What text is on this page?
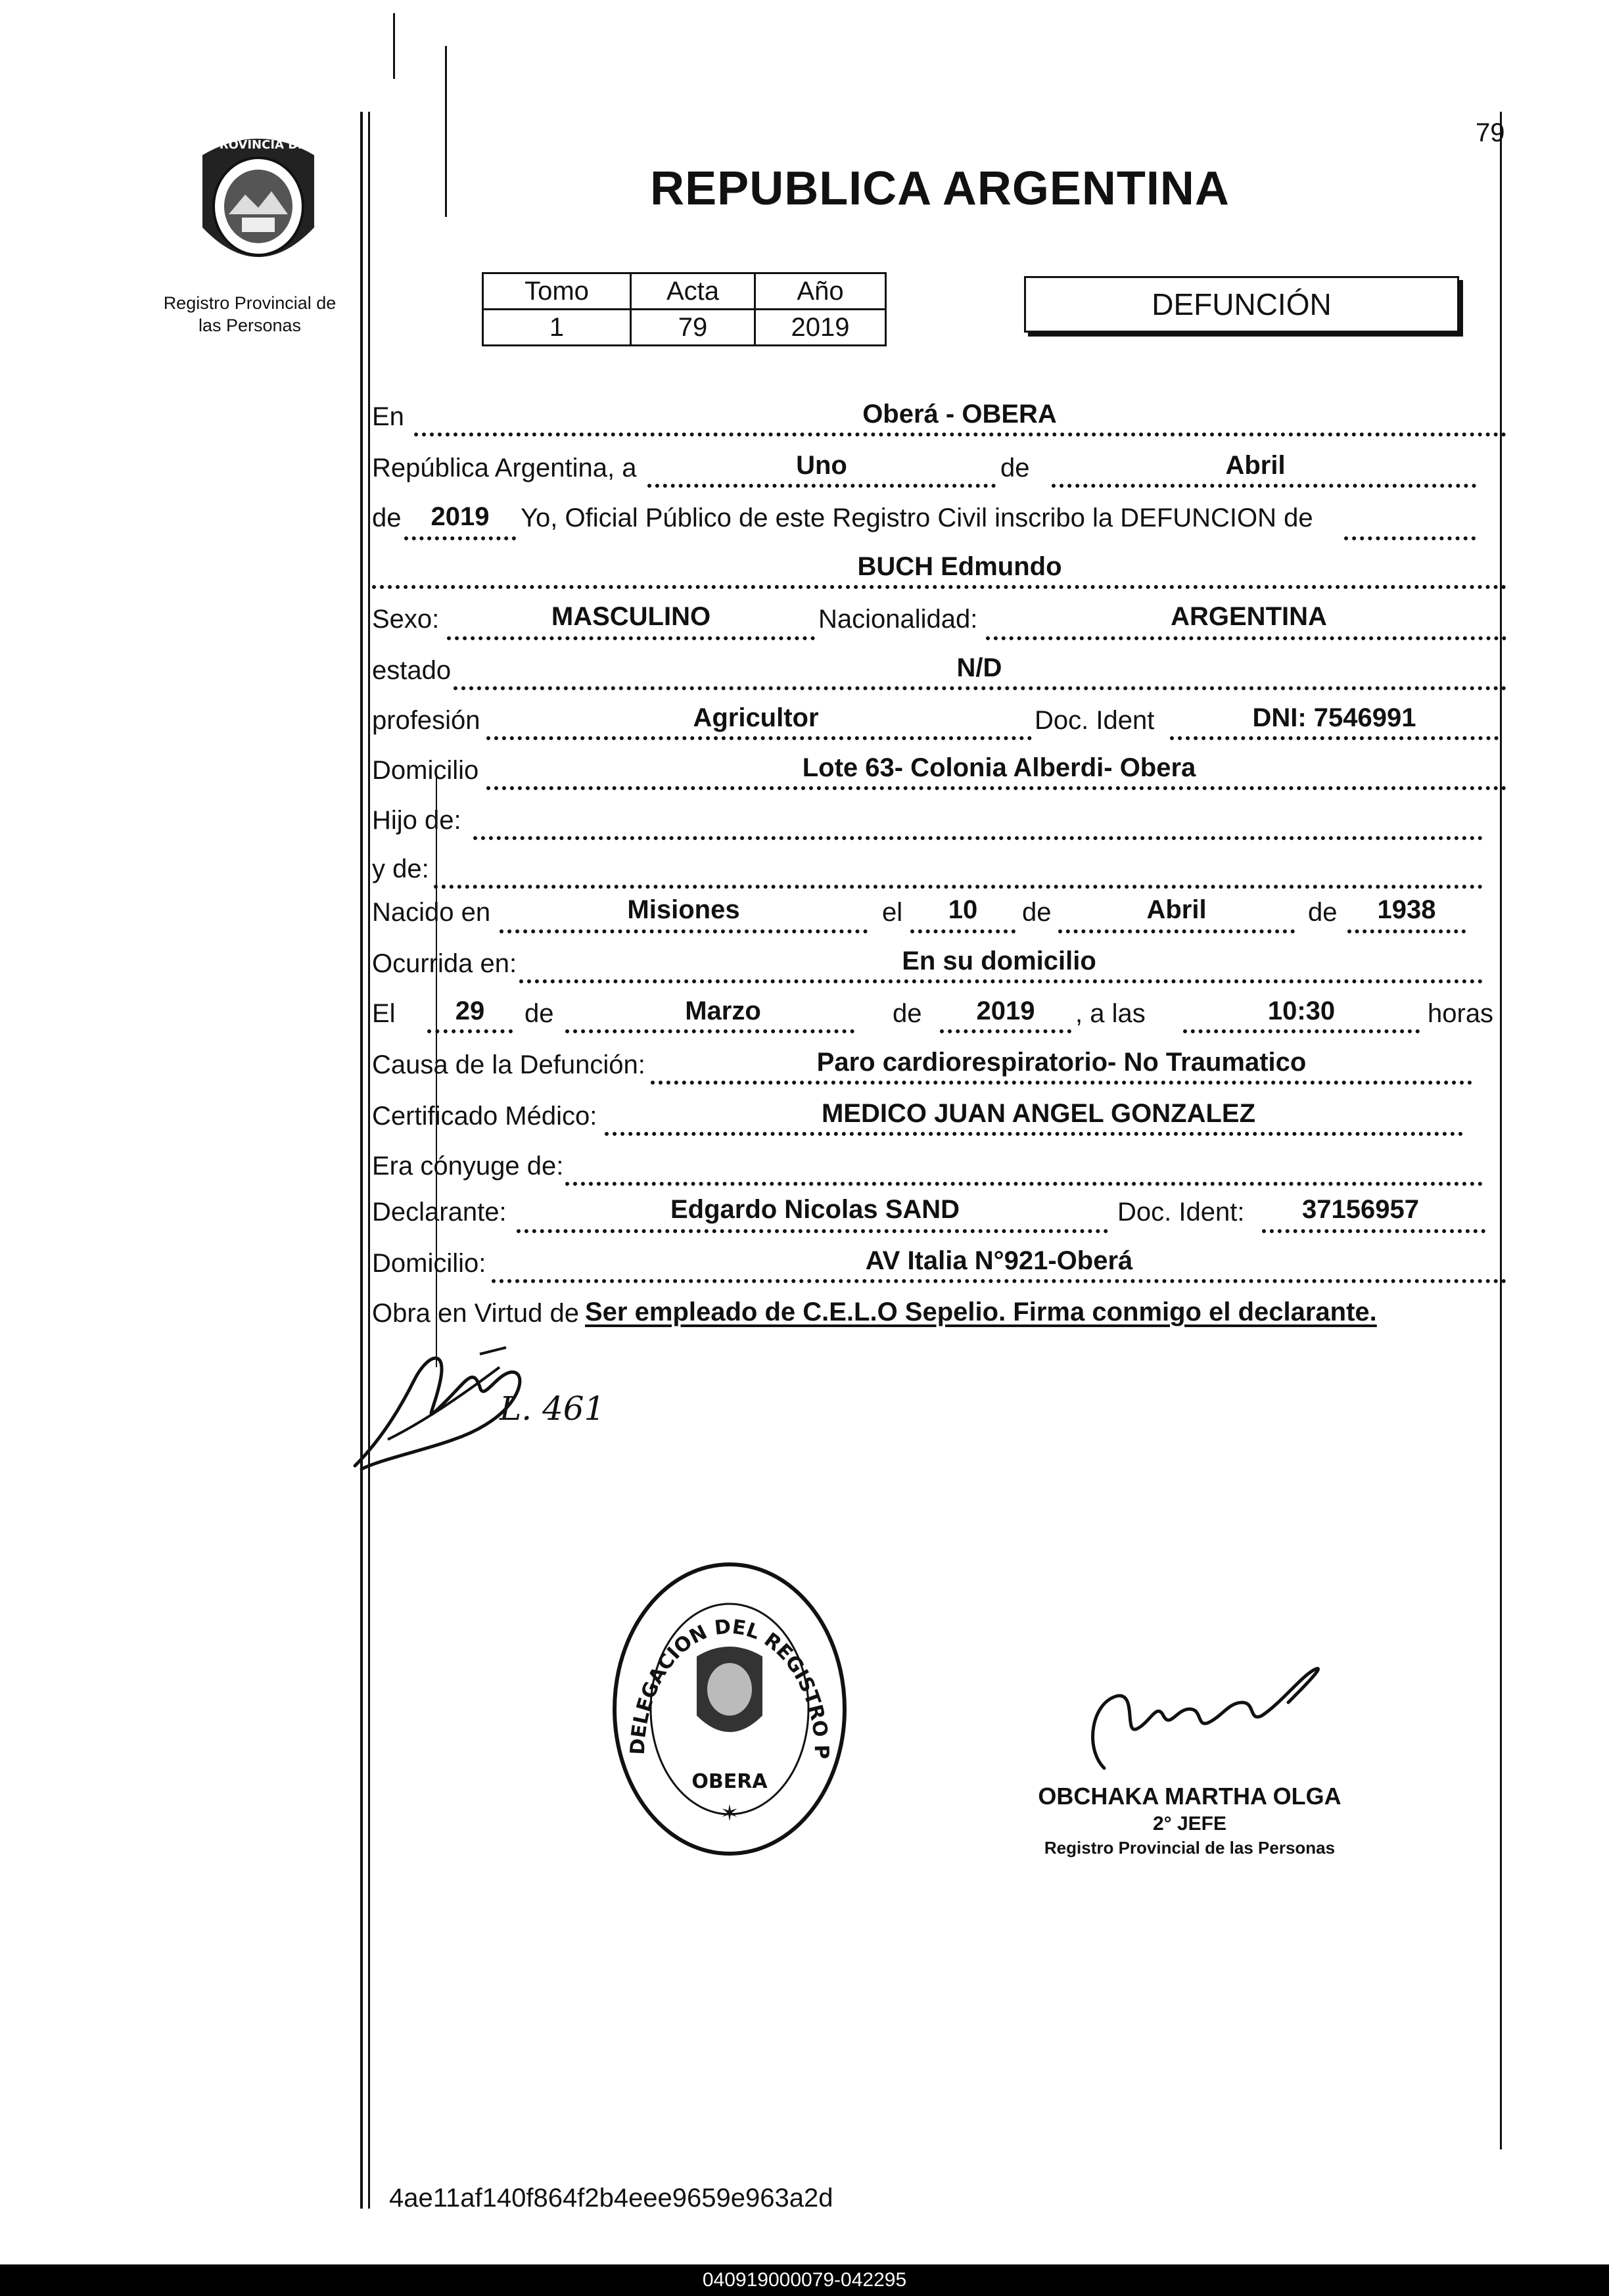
79
REPUBLICA ARGENTINA
PROVINCIA DE
MISIONES
Registro Provincial de
las Personas
Tomo	Acta	Año
1	79	2019
DEFUNCIÓN
En	Oberá - OBERA
República Argentina, a	Uno	de	Abril
de	2019	Yo, Oficial Público de este Registro Civil inscribo la DEFUNCION de
BUCH Edmundo
Sexo:	MASCULINO	Nacionalidad:	ARGENTINA
estado	N/D
profesión	Agricultor	Doc. Ident	DNI: 7546991
Domicilio	Lote 63- Colonia Alberdi- Obera
Hijo de:
y de:
Nacido en	Misiones	el	10	de	Abril	de	1938
Ocurrida en:	En su domicilio
El	29	de	Marzo	de	2019	, a las	10:30	horas
Causa de la Defunción:	Paro cardiorespiratorio- No Traumatico
Certificado Médico:	MEDICO JUAN ANGEL GONZALEZ
Era cónyuge de:
Declarante:	Edgardo Nicolas SAND	Doc. Ident:	37156957
Domicilio:	AV Italia N°921-Oberá
Obra en Virtud de Ser empleado de C.E.L.O Sepelio. Firma conmigo el declarante.
L. 461
DELEGACION DEL REGISTRO P
OBERA
✶
OBCHAKA MARTHA OLGA
2° JEFE
Registro Provincial de las Personas
4ae11af140f864f2b4eee9659e963a2d
040919000079-042295
